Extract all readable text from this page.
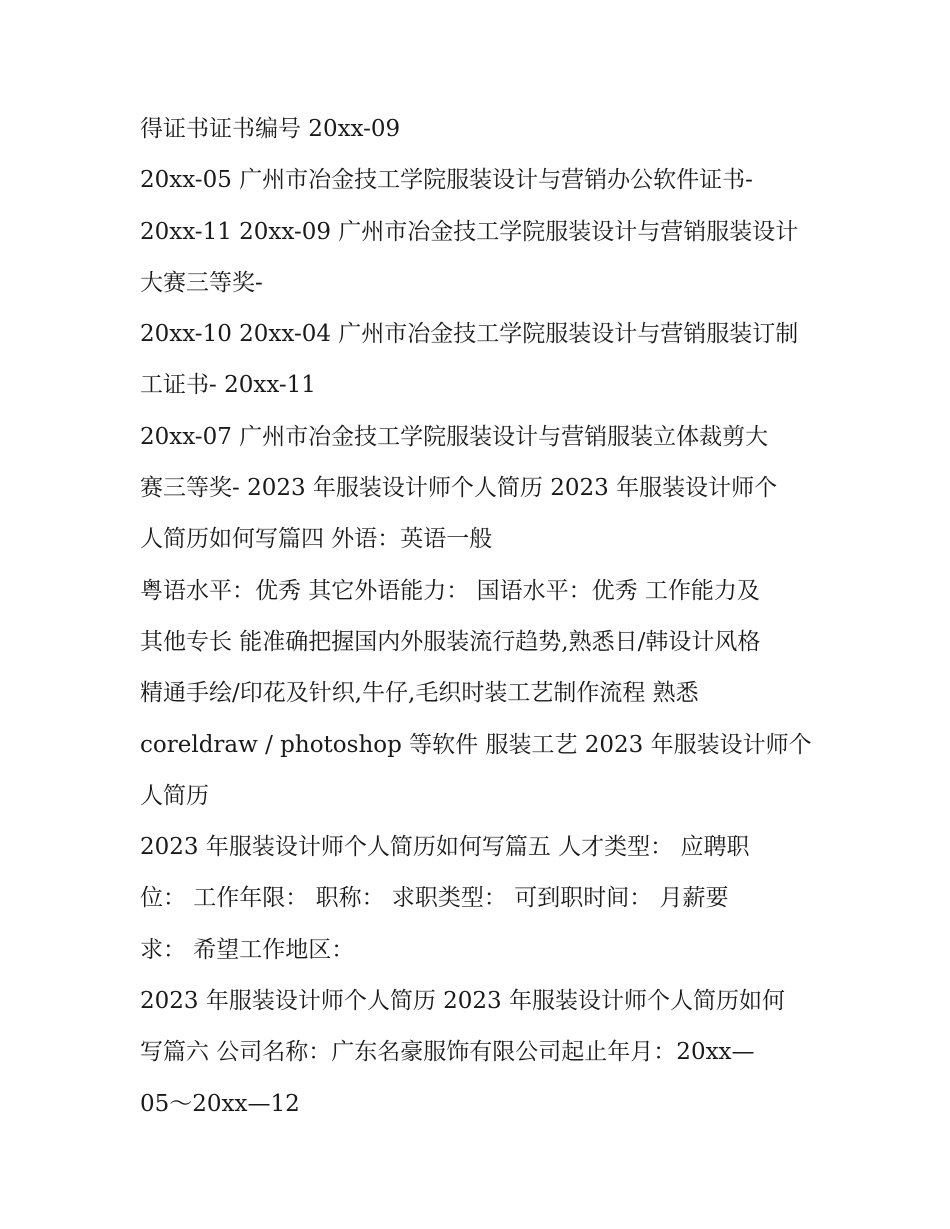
得证书证书编号 20xx-09
20xx-05 广州市冶金技工学院服装设计与营销办公软件证书-
20xx-11 20xx-09 广州市冶金技工学院服装设计与营销服装设计
大赛三等奖-
20xx-10 20xx-04 广州市冶金技工学院服装设计与营销服装订制
工证书- 20xx-11
20xx-07 广州市冶金技工学院服装设计与营销服装立体裁剪大
赛三等奖- 2023 年服装设计师个人简历 2023 年服装设计师个
人简历如何写篇四 外语：英语一般
粤语水平：优秀 其它外语能力： 国语水平：优秀 工作能力及
其他专长 能准确把握国内外服装流行趋势,熟悉日/韩设计风格
精通手绘/印花及针织,牛仔,毛织时装工艺制作流程 熟悉
coreldraw / photoshop 等软件 服装工艺 2023 年服装设计师个
人简历
2023 年服装设计师个人简历如何写篇五 人才类型： 应聘职
位： 工作年限： 职称： 求职类型： 可到职时间： 月薪要
求： 希望工作地区：
2023 年服装设计师个人简历 2023 年服装设计师个人简历如何
写篇六 公司名称：广东名豪服饰有限公司起止年月：20xx—
05～20xx—12
